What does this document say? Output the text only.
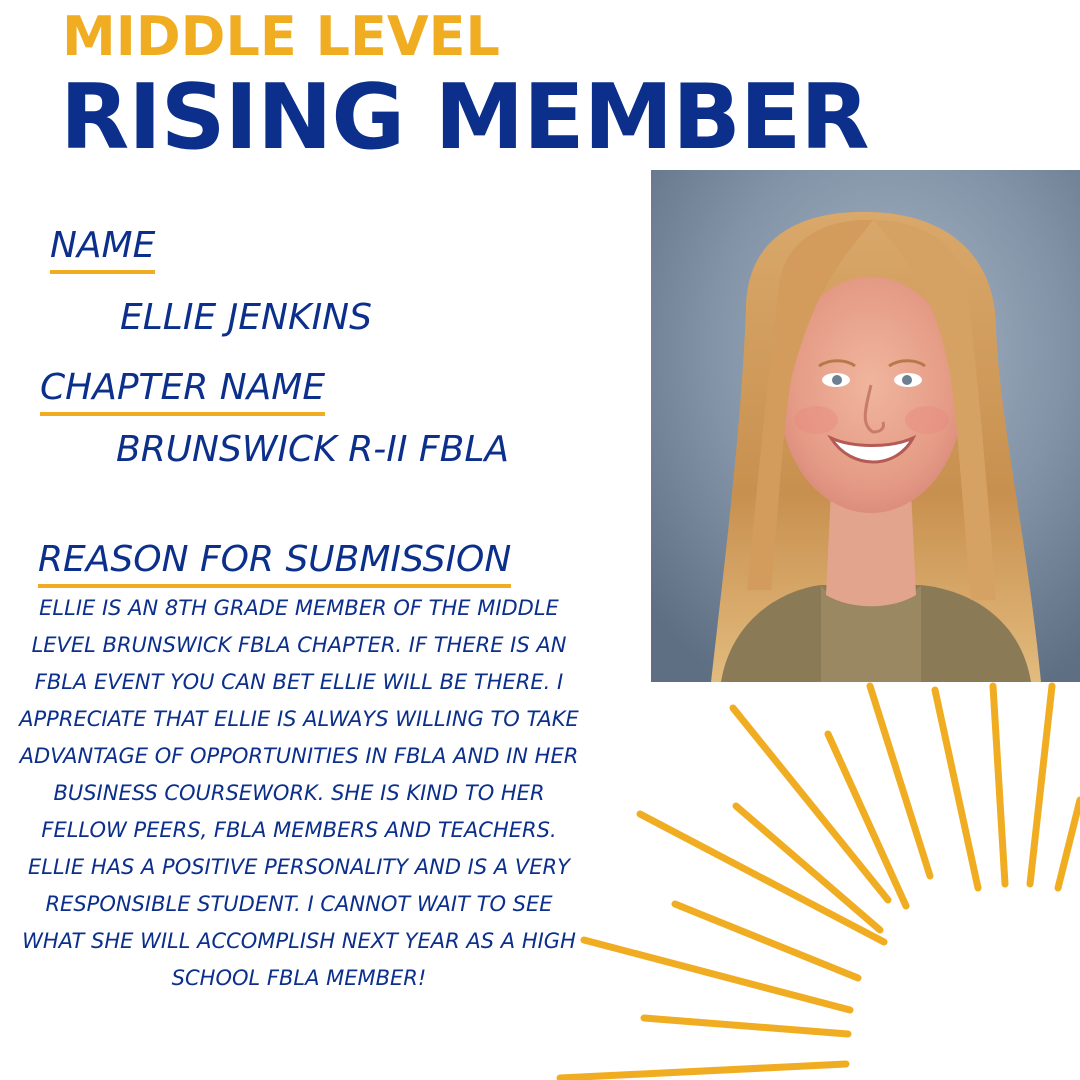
MIDDLE LEVEL
RISING MEMBER
NAME
ELLIE JENKINS
CHAPTER NAME
BRUNSWICK R-II FBLA
REASON FOR SUBMISSION

ELLIE IS AN 8TH GRADE MEMBER OF THE MIDDLE LEVEL BRUNSWICK FBLA CHAPTER. IF THERE IS AN FBLA EVENT YOU CAN BET ELLIE WILL BE THERE. I APPRECIATE THAT ELLIE IS ALWAYS WILLING TO TAKE ADVANTAGE OF OPPORTUNITIES IN FBLA AND IN HER BUSINESS COURSEWORK. SHE IS KIND TO HER FELLOW PEERS, FBLA MEMBERS AND TEACHERS. ELLIE HAS A POSITIVE PERSONALITY AND IS A VERY RESPONSIBLE STUDENT. I CANNOT WAIT TO SEE WHAT SHE WILL ACCOMPLISH NEXT YEAR AS A HIGH SCHOOL FBLA MEMBER!
